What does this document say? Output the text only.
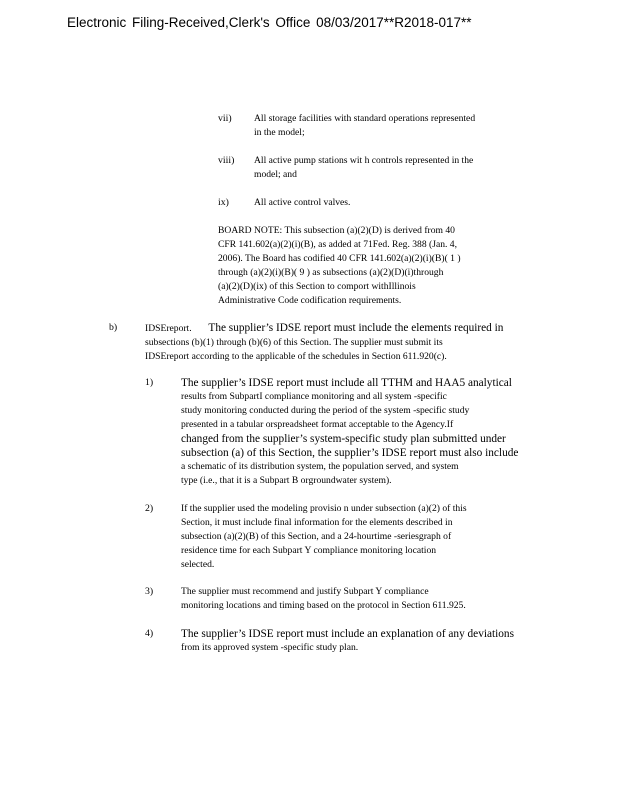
Electronic Filing-Received,Clerk's Office 08/03/2017**R2018-017**
vii) All storage facilities with standard operations represented
in the model;
viii) All active pump stations wit h controls represented in the
model; and
ix)	All active control valves.
BOARD NOTE: This subsection (a)(2)(D) is derived from 40
CFR 141.602(a)(2)(i)(B), as added at 71Fed. Reg. 388 (Jan. 4,
2006). The Board has codified 40 CFR 141.602(a)(2)(i)(B)( 1 )
through (a)(2)(i)(B)( 9 ) as subsections (a)(2)(D)(i)through
(a)(2)(D)(ix) of this Section to comport withIllinois
Administrative Code codification requirements.
b)	IDSEreport. The supplier’s IDSE report must include the elements required in
subsections (b)(1) through (b)(6) of this Section. The supplier must submit its
IDSEreport according to the applicable of the schedules in Section 611.920(c).
1) The supplier’s IDSE report must include all TTHM and HAA5 analytical
results from SubpartI compliance monitoring and all system -specific
study monitoring conducted during the period of the system -specific study
presented in a tabular orspreadsheet format acceptable to the Agency.If
changed from the supplier’s system-specific study plan submitted under
subsection (a) of this Section, the supplier’s IDSE report must also include
a schematic of its distribution system, the population served, and system
type (i.e., that it is a Subpart B orgroundwater system).
2)	If the supplier used the modeling provisio n under subsection (a)(2) of this
Section, it must include final information for the elements described in
subsection (a)(2)(B) of this Section, and a 24-hourtime -seriesgraph of
residence time for each Subpart Y compliance monitoring location
selected.
3)	The supplier must recommend and justify Subpart Y compliance
monitoring locations and timing based on the protocol in Section 611.925.
4) The supplier’s IDSE report must include an explanation of any deviations
from its approved system -specific study plan.
